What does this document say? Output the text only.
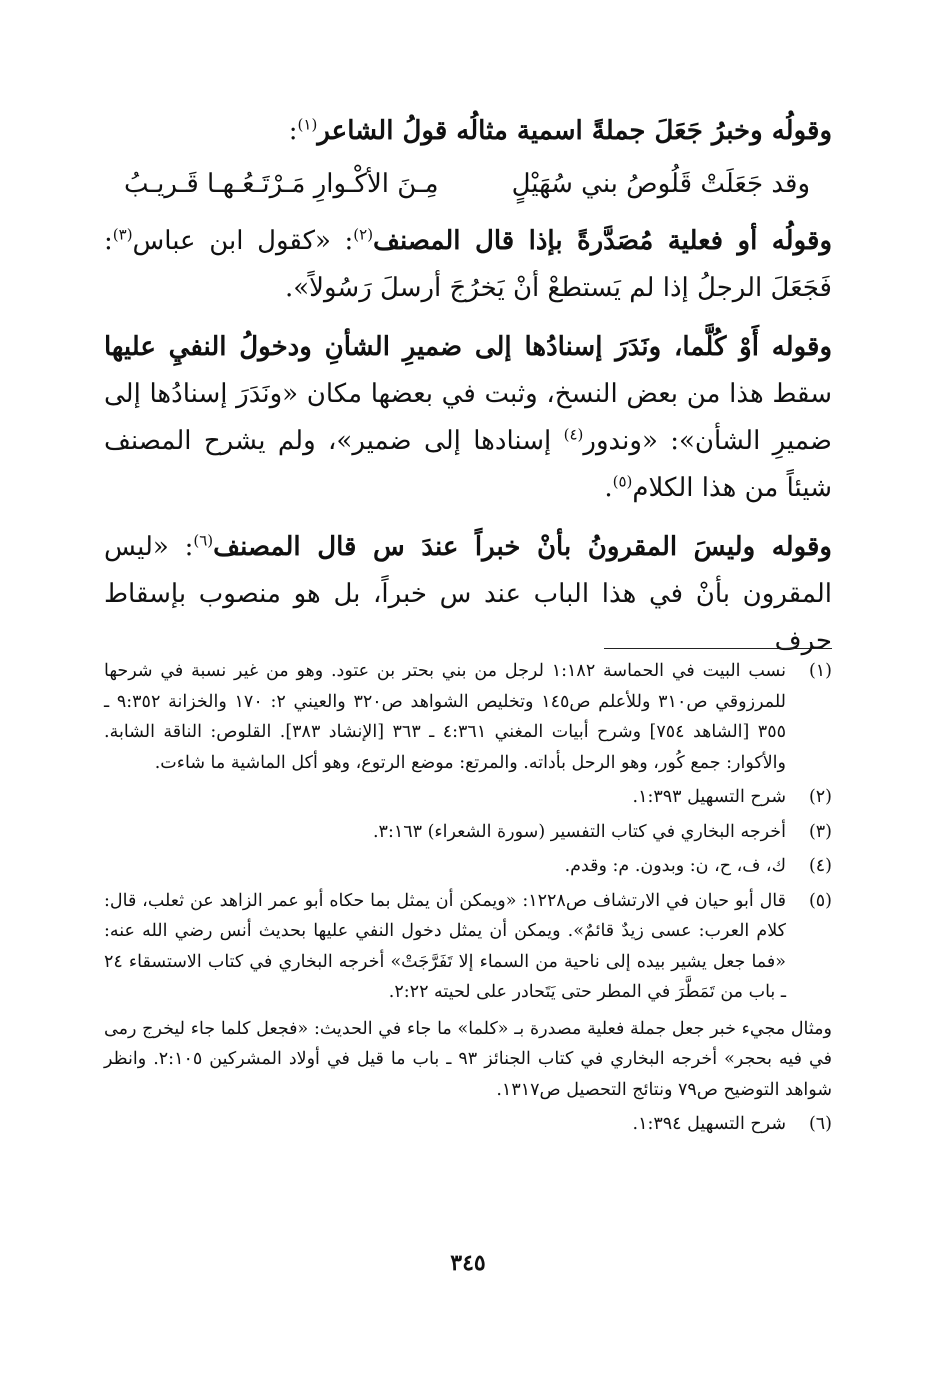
وقولُه وخبرُ جَعَلَ جملةً اسمية مثالُه قولُ الشاعر$^{(١)}$:

وقد جَعَلَتْ قَلُوصُ بني سُهَيْلٍ
مِـنَ الأكْـوارِ مَـرْتَـعُـهـا قَـريـبُ

وقولُه أو فعلية مُصَدَّرةً بإذا قال المصنف$^{(٢)}$: «كقول ابن عباس$^{(٣)}$: فَجَعَلَ الرجلُ إذا لم يَستطعْ أنْ يَخرُجَ أرسلَ رَسُولاً».

وقوله أَوْ كُلَّما، ونَدَرَ إسنادُها إلى ضميرِ الشأنِ ودخولُ النفيِ عليها سقط هذا من بعض النسخ، وثبت في بعضها مكان «ونَدَرَ إسنادُها إلى ضميرِ الشأن»: «وندور$^{(٤)}$ إسنادها إلى ضمير»، ولم يشرح المصنف شيئاً من هذا الكلام$^{(٥)}$.

وقوله وليسَ المقرونُ بأنْ خبراً عندَ س قال المصنف$^{(٦)}$: «ليس المقرون بأنْ في هذا الباب عند س خبراً، بل هو منصوب بإسقاط حرف

(١)
نسب البيت في الحماسة ١:١٨٢ لرجل من بني بحتر بن عتود. وهو من غير نسبة في شرحها للمرزوقي ص٣١٠ وللأعلم ص١٤٥ وتخليص الشواهد ص٣٢٠ والعيني ٢: ١٧٠ والخزانة ٩:٣٥٢ ـ ٣٥٥ [الشاهد ٧٥٤] وشرح أبيات المغني ٤:٣٦١ ـ ٣٦٣ [الإنشاد ٣٨٣]. القلوص: الناقة الشابة. والأكوار: جمع كُور، وهو الرحل بأداته. والمرتع: موضع الرتوع، وهو أكل الماشية ما شاءت.
(٢)
شرح التسهيل ١:٣٩٣.
(٣)
أخرجه البخاري في كتاب التفسير (سورة الشعراء) ٣:١٦٣.
(٤)
ك، ف، ح، ن: وبدون. م: وقدم.
(٥)
قال أبو حيان في الارتشاف ص١٢٢٨: «ويمكن أن يمثل بما حكاه أبو عمر الزاهد عن ثعلب، قال: كلام العرب: عسى زيدٌ قائمٌ». ويمكن أن يمثل دخول النفي عليها بحديث أنس رضي الله عنه: «فما جعل يشير بيده إلى ناحية من السماء إلا تَفَرَّجَتْ» أخرجه البخاري في كتاب الاستسقاء ٢٤ ـ باب من تَمَطَّرَ في المطر حتى يَتَحادر على لحيته ٢:٢٢.
ومثال مجيء خبر جعل جملة فعلية مصدرة بـ «كلما» ما جاء في الحديث: «فجعل كلما جاء ليخرج رمى في فيه بحجر» أخرجه البخاري في كتاب الجنائز ٩٣ ـ باب ما قيل في أولاد المشركين ٢:١٠٥. وانظر شواهد التوضيح ص٧٩ ونتائج التحصيل ص١٣١٧.
(٦)
شرح التسهيل ١:٣٩٤.
٣٤٥
